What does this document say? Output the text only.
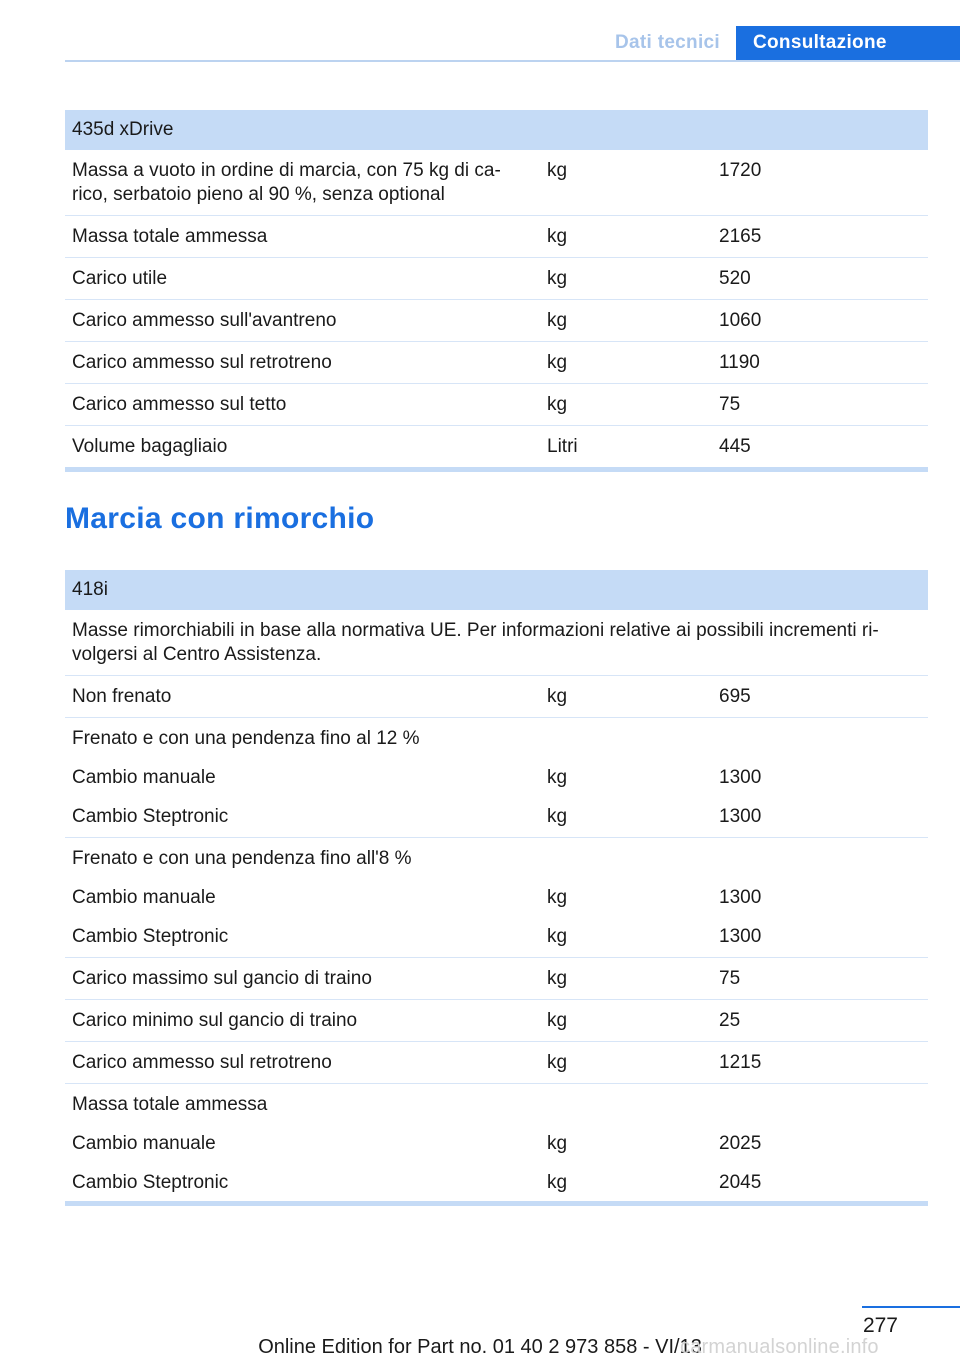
Dati tecnici	Consultazione
435d xDrive		
Massa a vuoto in ordine di marcia, con 75 kg di ca-
rico, serbatoio pieno al 90 %, senza optional	kg	1720
Massa totale ammessa	kg	2165
Carico utile	kg	520
Carico ammesso sull'avantreno	kg	1060
Carico ammesso sul retrotreno	kg	1190
Carico ammesso sul tetto	kg	75
Volume bagagliaio	Litri	445
Marcia con rimorchio
418i		
Masse rimorchiabili in base alla normativa UE. Per informazioni relative ai possibili incrementi ri-
volgersi al Centro Assistenza.		
Non frenato	kg	695
Frenato e con una pendenza fino al 12 %		
Cambio manuale	kg	1300
Cambio Steptronic	kg	1300
Frenato e con una pendenza fino all'8 %		
Cambio manuale	kg	1300
Cambio Steptronic	kg	1300
Carico massimo sul gancio di traino	kg	75
Carico minimo sul gancio di traino	kg	25
Carico ammesso sul retrotreno	kg	1215
Massa totale ammessa		
Cambio manuale	kg	2025
Cambio Steptronic	kg	2045
277
Online Edition for Part no. 01 40 2 973 858 - VI/13
carmanualsonline.info
